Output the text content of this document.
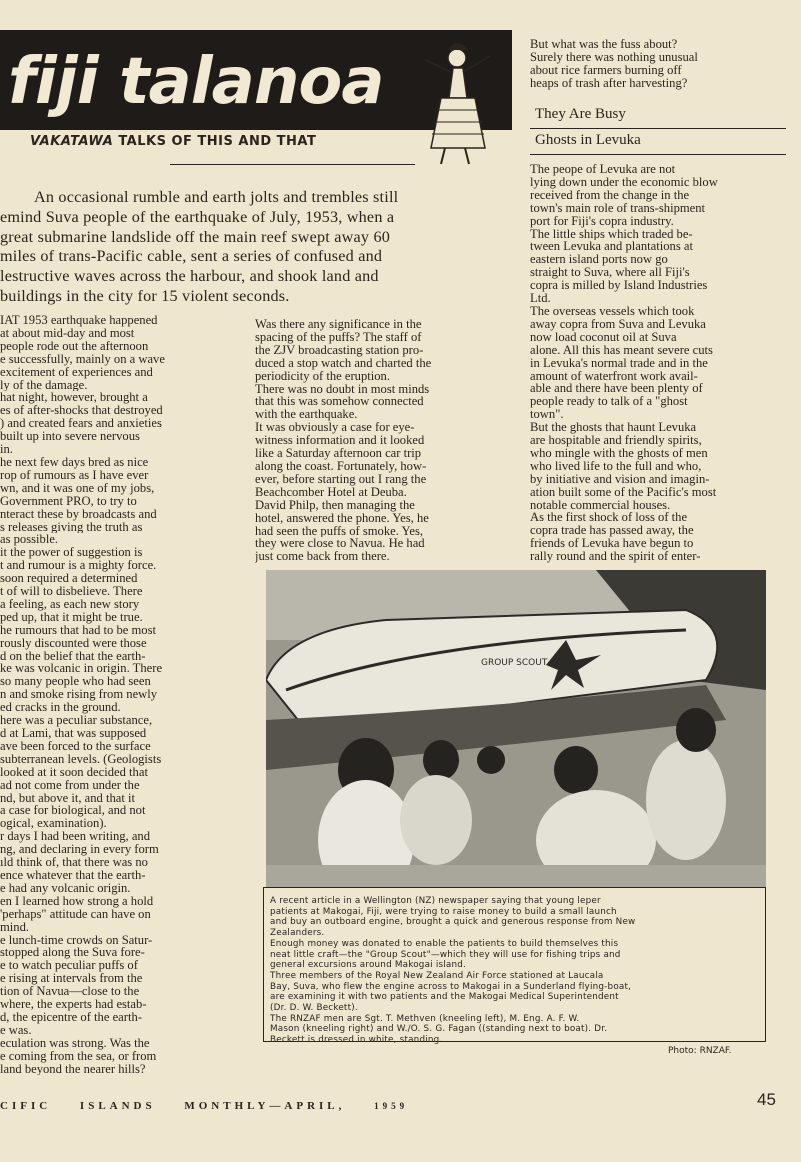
fiji talanoa
VAKATAWA TALKS OF THIS AND THAT
An occasional rumble and earth jolts and trembles still
emind Suva people of the earthquake of July, 1953, when a
great submarine landslide off the main reef swept away 60
miles of trans-Pacific cable, sent a series of confused and
lestructive waves across the harbour, and shook land and
buildings in the city for 15 violent seconds.
IAT 1953 earthquake happened
at about mid-day and most
people rode out the afternoon
e successfully, mainly on a wave
excitement of experiences and
ly of the damage.
hat night, however, brought a
es of after-shocks that destroyed
) and created fears and anxieties
built up into severe nervous
in.
he next few days bred as nice
rop of rumours as I have ever
wn, and it was one of my jobs,
Government PRO, to try to
nteract these by broadcasts and
s releases giving the truth as
as possible.
it the power of suggestion is
t and rumour is a mighty force.
soon required a determined
t of will to disbelieve. There
a feeling, as each new story
ped up, that it might be true.
he rumours that had to be most
rously discounted were those
d on the belief that the earth-
ke was volcanic in origin. There
so many people who had seen
n and smoke rising from newly
ed cracks in the ground.
here was a peculiar substance,
d at Lami, that was supposed
ave been forced to the surface
subterranean levels. (Geologists
looked at it soon decided that
ad not come from under the
nd, but above it, and that it
a case for biological, and not
ogical, examination).
r days I had been writing, and
ng, and declaring in every form
ıld think of, that there was no
ence whatever that the earth-
e had any volcanic origin.
en I learned how strong a hold
'perhaps" attitude can have on
mind.
e lunch-time crowds on Satur-
stopped along the Suva fore-
e to watch peculiar puffs of
e rising at intervals from the
tion of Navua—close to the
where, the experts had estab-
d, the epicentre of the earth-
e was.
eculation was strong. Was the
e coming from the sea, or from
land beyond the nearer hills?
Was there any significance in the
spacing of the puffs? The staff of
the ZJV broadcasting station pro-
duced a stop watch and charted the
periodicity of the eruption.
There was no doubt in most minds
that this was somehow connected
with the earthquake.
It was obviously a case for eye-
witness information and it looked
like a Saturday afternoon car trip
along the coast. Fortunately, how-
ever, before starting out I rang the
Beachcomber Hotel at Deuba.
David Philp, then managing the
hotel, answered the phone. Yes, he
had seen the puffs of smoke. Yes,
they were close to Navua. He had
just come back from there.
But what was the fuss about?
Surely there was nothing unusual
about rice farmers burning off
heaps of trash after harvesting?
They Are Busy
Ghosts in Levuka
The peope of Levuka are not
lying down under the economic blow
received from the change in the
town's main role of trans-shipment
port for Fiji's copra industry.
The little ships which traded be-
tween Levuka and plantations at
eastern island ports now go
straight to Suva, where all Fiji's
copra is milled by Island Industries
Ltd.
The overseas vessels which took
away copra from Suva and Levuka
now load coconut oil at Suva
alone. All this has meant severe cuts
in Levuka's normal trade and in the
amount of waterfront work avail-
able and there have been plenty of
people ready to talk of a "ghost
town".
But the ghosts that haunt Levuka
are hospitable and friendly spirits,
who mingle with the ghosts of men
who lived life to the full and who,
by initiative and vision and imagin-
ation built some of the Pacific's most
notable commercial houses.
As the first shock of loss of the
copra trade has passed away, the
friends of Levuka have begun to
rally round and the spirit of enter-
GROUP SCOUT
A recent article in a Wellington (NZ) newspaper saying that young leper
patients at Makogai, Fiji, were trying to raise money to build a small launch
and buy an outboard engine, brought a quick and generous response from New
Zealanders.
Enough money was donated to enable the patients to build themselves this
neat little craft—the "Group Scout"—which they will use for fishing trips and
general excursions around Makogai island.
Three members of the Royal New Zealand Air Force stationed at Laucala
Bay, Suva, who flew the engine across to Makogai in a Sunderland flying-boat,
are examining it with two patients and the Makogai Medical Superintendent
(Dr. D. W. Beckett).
The RNZAF men are Sgt. T. Methven (kneeling left), M. Eng. A. F. W.
Mason (kneeling right) and W./O. S. G. Fagan ((standing next to boat). Dr.
Beckett is dressed in white, standing.
Photo: RNZAF.
CIFIC	ISLANDS	MONTHLY—APRIL,	1959	45
